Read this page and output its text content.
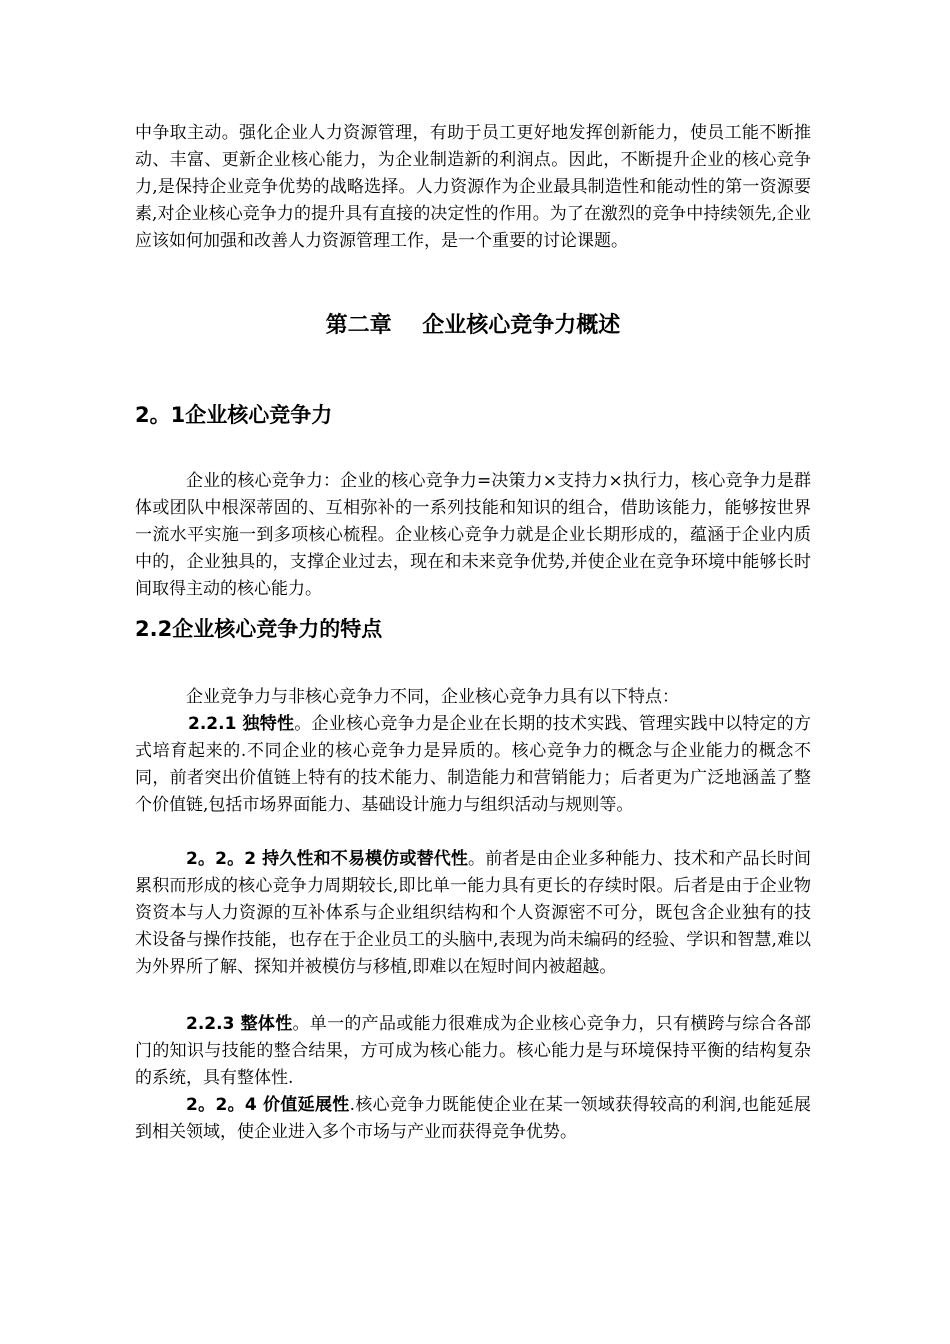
中争取主动。强化企业人力资源管理，有助于员工更好地发挥创新能力，使员工能不断推动、丰富、更新企业核心能力，为企业制造新的利润点。因此，不断提升企业的核心竞争力,是保持企业竞争优势的战略选择。人力资源作为企业最具制造性和能动性的第一资源要素,对企业核心竞争力的提升具有直接的决定性的作用。为了在激烈的竞争中持续领先,企业应该如何加强和改善人力资源管理工作，是一个重要的讨论课题。

第二章    企业核心竞争力概述
2。1企业核心竞争力

企业的核心竞争力：企业的核心竞争力=决策力×支持力×执行力，核心竞争力是群体或团队中根深蒂固的、互相弥补的一系列技能和知识的组合，借助该能力，能够按世界一流水平实施一到多项核心梳程。企业核心竞争力就是企业长期形成的，蕴涵于企业内质中的，企业独具的，支撑企业过去，现在和未来竞争优势,并使企业在竞争环境中能够长时间取得主动的核心能力。

2.2企业核心竞争力的特点

企业竞争力与非核心竞争力不同，企业核心竞争力具有以下特点：

2.2.1 独特性。企业核心竞争力是企业在长期的技术实践、管理实践中以特定的方式培育起来的.不同企业的核心竞争力是异质的。核心竞争力的概念与企业能力的概念不同，前者突出价值链上特有的技术能力、制造能力和营销能力；后者更为广泛地涵盖了整个价值链,包括市场界面能力、基础设计施力与组织活动与规则等。

2。2。2 持久性和不易模仿或替代性。前者是由企业多种能力、技术和产品长时间累积而形成的核心竞争力周期较长,即比单一能力具有更长的存续时限。后者是由于企业物资资本与人力资源的互补体系与企业组织结构和个人资源密不可分，既包含企业独有的技术设备与操作技能，也存在于企业员工的头脑中,表现为尚未编码的经验、学识和智慧,难以为外界所了解、探知并被模仿与移植,即难以在短时间内被超越。

2.2.3 整体性。单一的产品或能力很难成为企业核心竞争力，只有横跨与综合各部门的知识与技能的整合结果，方可成为核心能力。核心能力是与环境保持平衡的结构复杂的系统，具有整体性.

2。2。4 价值延展性.核心竞争力既能使企业在某一领域获得较高的利润,也能延展到相关领域，使企业进入多个市场与产业而获得竞争优势。
